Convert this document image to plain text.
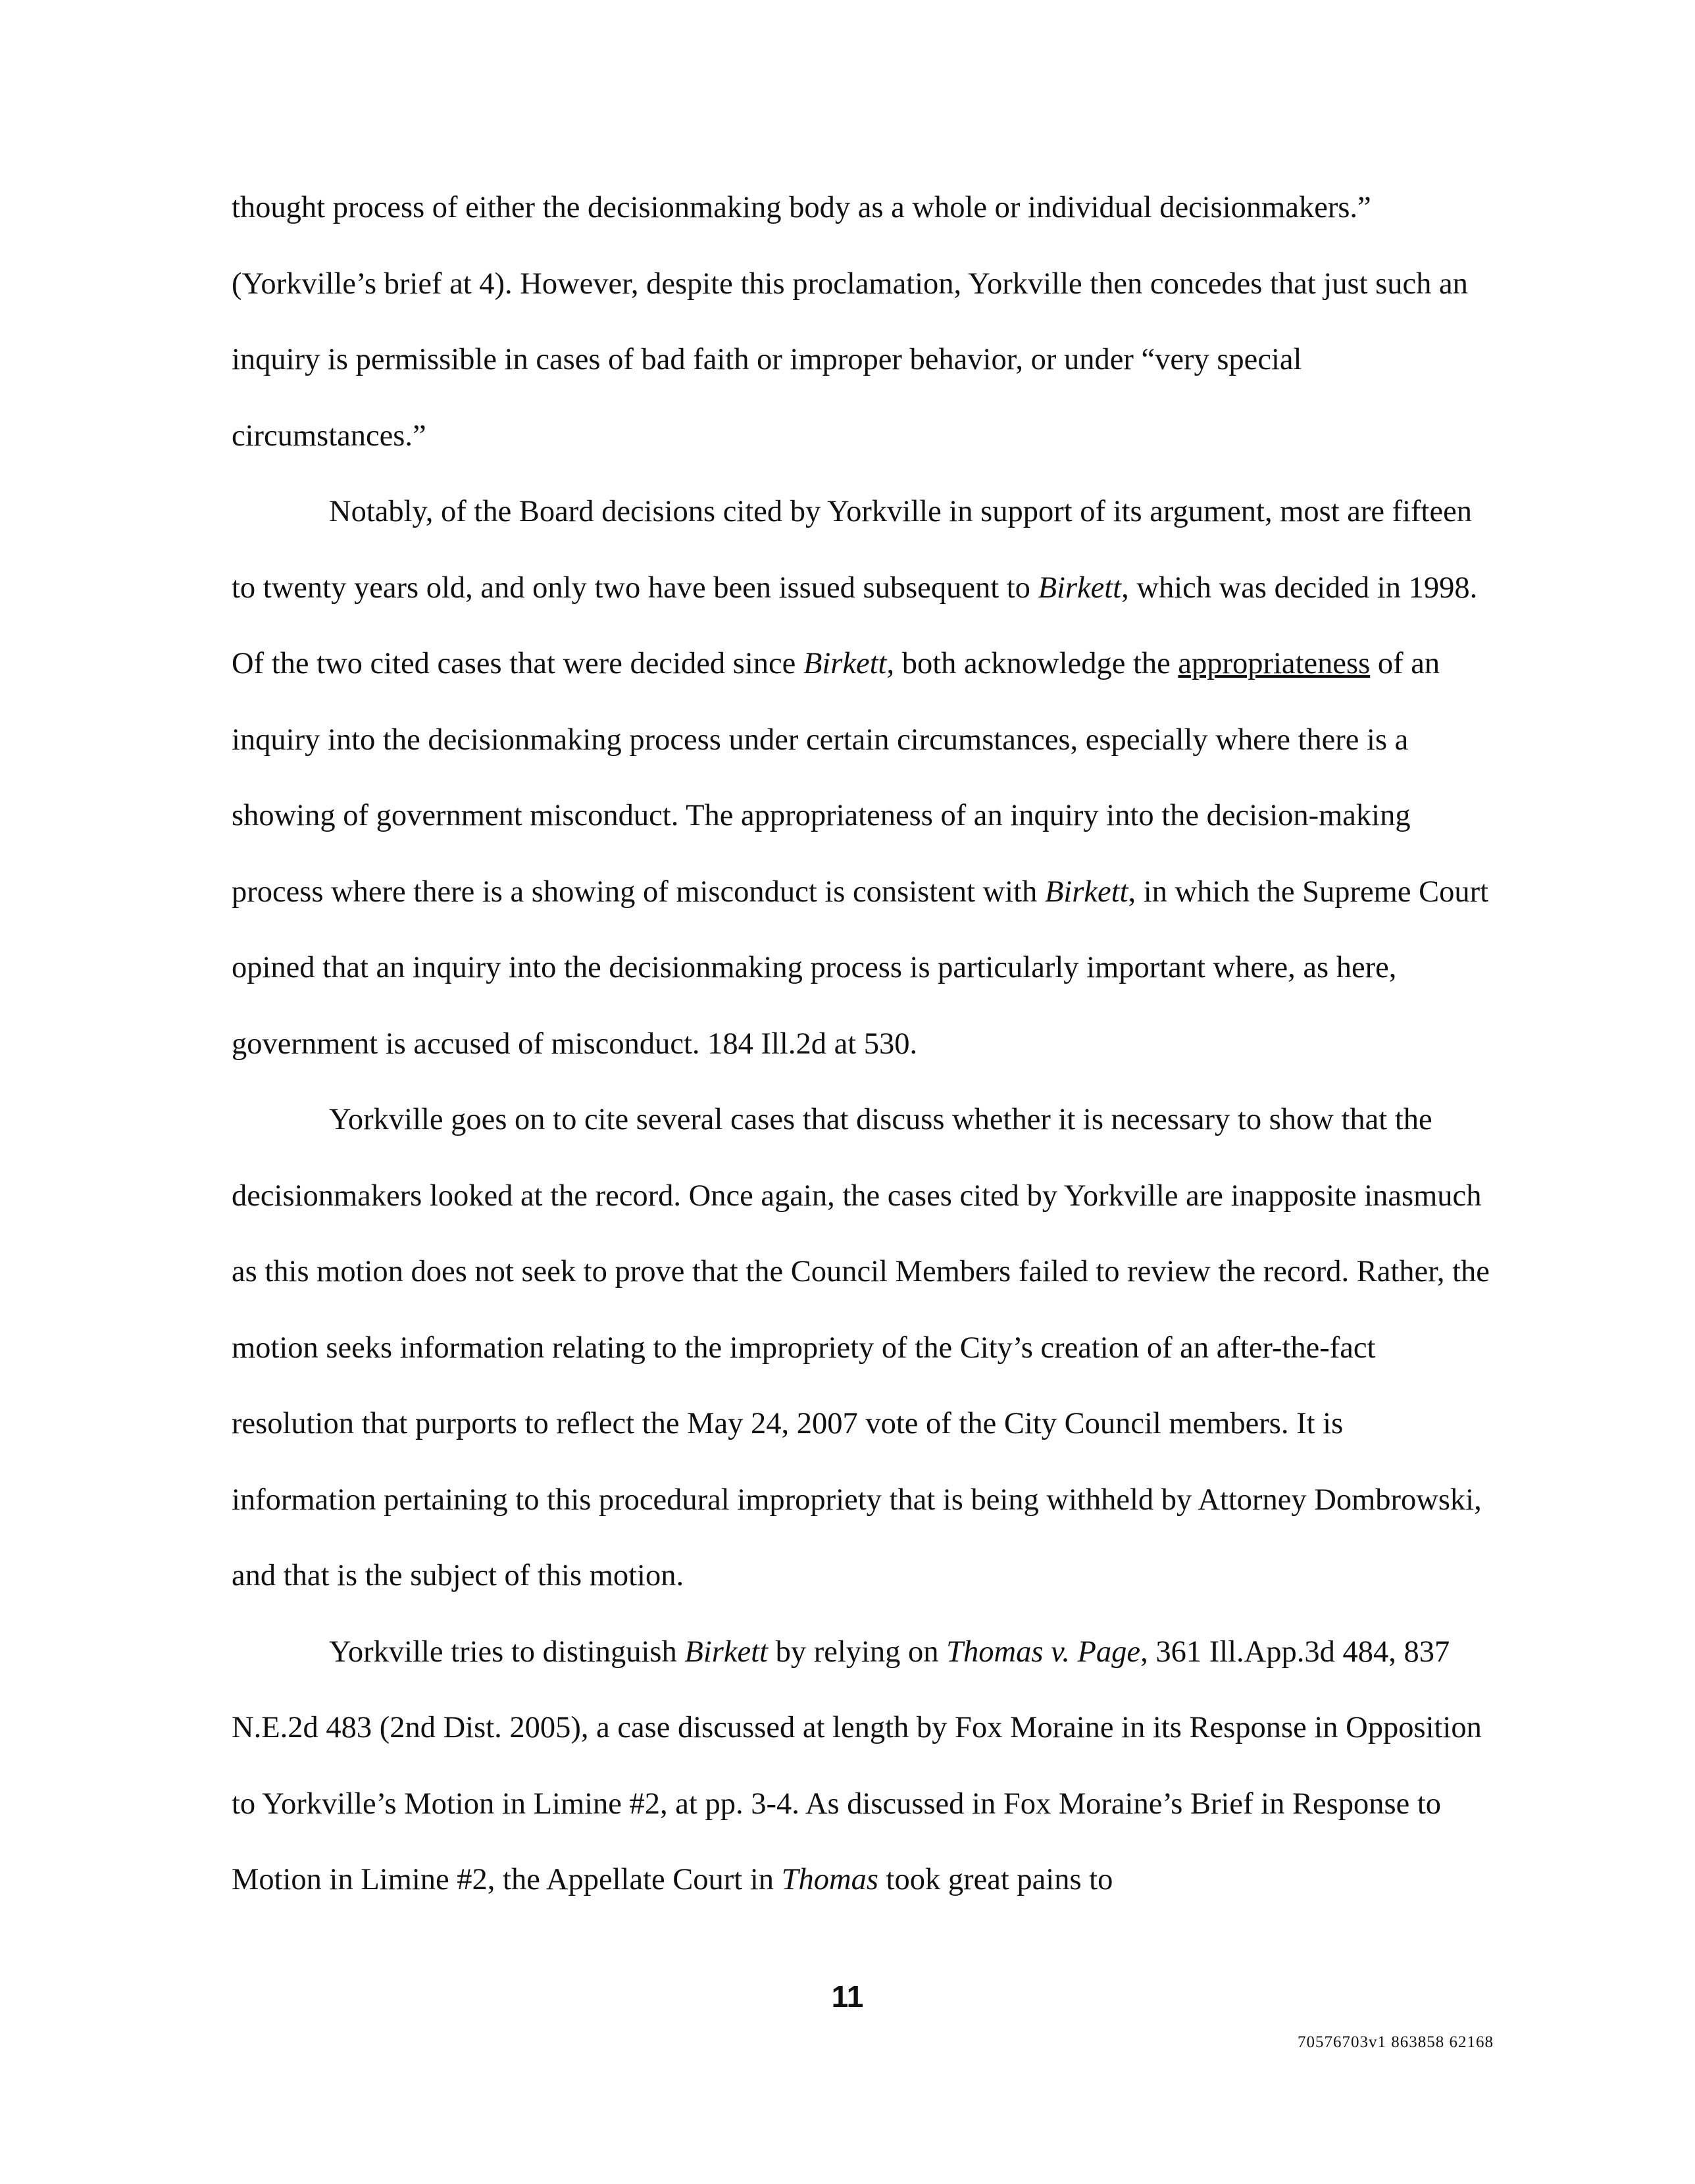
thought process of either the decisionmaking body as a whole or individual decisionmakers.” (Yorkville’s brief at 4). However, despite this proclamation, Yorkville then concedes that just such an inquiry is permissible in cases of bad faith or improper behavior, or under “very special circumstances.”

Notably, of the Board decisions cited by Yorkville in support of its argument, most are fifteen to twenty years old, and only two have been issued subsequent to Birkett, which was decided in 1998. Of the two cited cases that were decided since Birkett, both acknowledge the appropriateness of an inquiry into the decisionmaking process under certain circumstances, especially where there is a showing of government misconduct. The appropriateness of an inquiry into the decision-making process where there is a showing of misconduct is consistent with Birkett, in which the Supreme Court opined that an inquiry into the decisionmaking process is particularly important where, as here, government is accused of misconduct. 184 Ill.2d at 530.

Yorkville goes on to cite several cases that discuss whether it is necessary to show that the decisionmakers looked at the record. Once again, the cases cited by Yorkville are inapposite inasmuch as this motion does not seek to prove that the Council Members failed to review the record. Rather, the motion seeks information relating to the impropriety of the City’s creation of an after-the-fact resolution that purports to reflect the May 24, 2007 vote of the City Council members. It is information pertaining to this procedural impropriety that is being withheld by Attorney Dombrowski, and that is the subject of this motion.

Yorkville tries to distinguish Birkett by relying on Thomas v. Page, 361 Ill.App.3d 484, 837 N.E.2d 483 (2nd Dist. 2005), a case discussed at length by Fox Moraine in its Response in Opposition to Yorkville’s Motion in Limine #2, at pp. 3-4. As discussed in Fox Moraine’s Brief in Response to Motion in Limine #2, the Appellate Court in Thomas took great pains to

11
70576703v1 863858 62168
